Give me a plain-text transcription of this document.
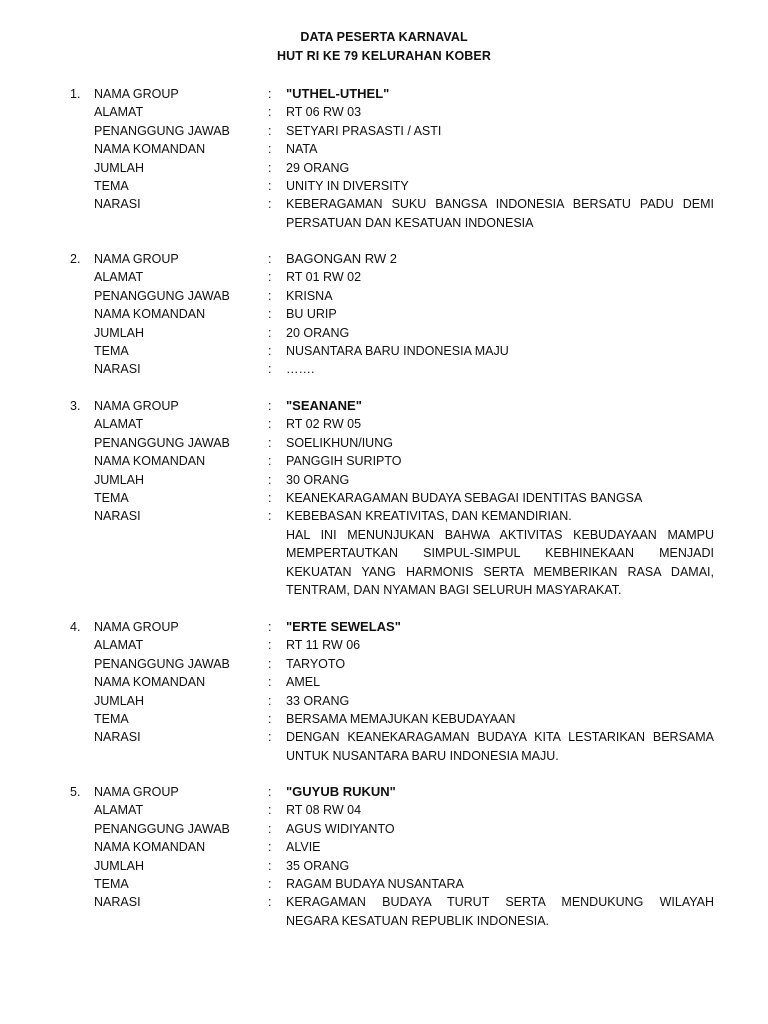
DATA PESERTA KARNAVAL
HUT RI KE 79 KELURAHAN KOBER
1. NAMA GROUP	: "UTHEL-UTHEL"
ALAMAT	: RT 06 RW 03
PENANGGUNG JAWAB	: SETYARI PRASASTI / ASTI
NAMA KOMANDAN	: NATA
JUMLAH	: 29 ORANG
TEMA	: UNITY IN DIVERSITY
NARASI	: KEBERAGAMAN SUKU BANGSA INDONESIA BERSATU PADU DEMI
PERSATUAN DAN KESATUAN INDONESIA
2. NAMA GROUP	: BAGONGAN RW 2
ALAMAT	: RT 01 RW 02
PENANGGUNG JAWAB	: KRISNA
NAMA KOMANDAN	: BU URIP
JUMLAH	: 20 ORANG
TEMA	: NUSANTARA BARU INDONESIA MAJU
NARASI	: …….
3. NAMA GROUP	: "SEANANE"
ALAMAT	: RT 02 RW 05
PENANGGUNG JAWAB	: SOELIKHUN/IUNG
NAMA KOMANDAN	: PANGGIH SURIPTO
JUMLAH	: 30 ORANG
TEMA	: KEANEKARAGAMAN BUDAYA SEBAGAI IDENTITAS BANGSA
NARASI	: KEBEBASAN KREATIVITAS, DAN KEMANDIRIAN.
HAL INI MENUNJUKAN BAHWA AKTIVITAS KEBUDAYAAN MAMPU
MEMPERTAUTKAN SIMPUL-SIMPUL KEBHINEKAAN MENJADI
KEKUATAN YANG HARMONIS SERTA MEMBERIKAN RASA DAMAI,
TENTRAM, DAN NYAMAN BAGI SELURUH MASYARAKAT.
4. NAMA GROUP	: "ERTE SEWELAS"
ALAMAT	: RT 11 RW 06
PENANGGUNG JAWAB	: TARYOTO
NAMA KOMANDAN	: AMEL
JUMLAH	: 33 ORANG
TEMA	: BERSAMA MEMAJUKAN KEBUDAYAAN
NARASI	: DENGAN KEANEKARAGAMAN BUDAYA KITA LESTARIKAN BERSAMA
UNTUK NUSANTARA BARU INDONESIA MAJU.
5. NAMA GROUP	: "GUYUB RUKUN"
ALAMAT	: RT 08 RW 04
PENANGGUNG JAWAB	: AGUS WIDIYANTO
NAMA KOMANDAN	: ALVIE
JUMLAH	: 35 ORANG
TEMA	: RAGAM BUDAYA NUSANTARA
NARASI	: KERAGAMAN BUDAYA TURUT SERTA MENDUKUNG WILAYAH
NEGARA KESATUAN REPUBLIK INDONESIA.
